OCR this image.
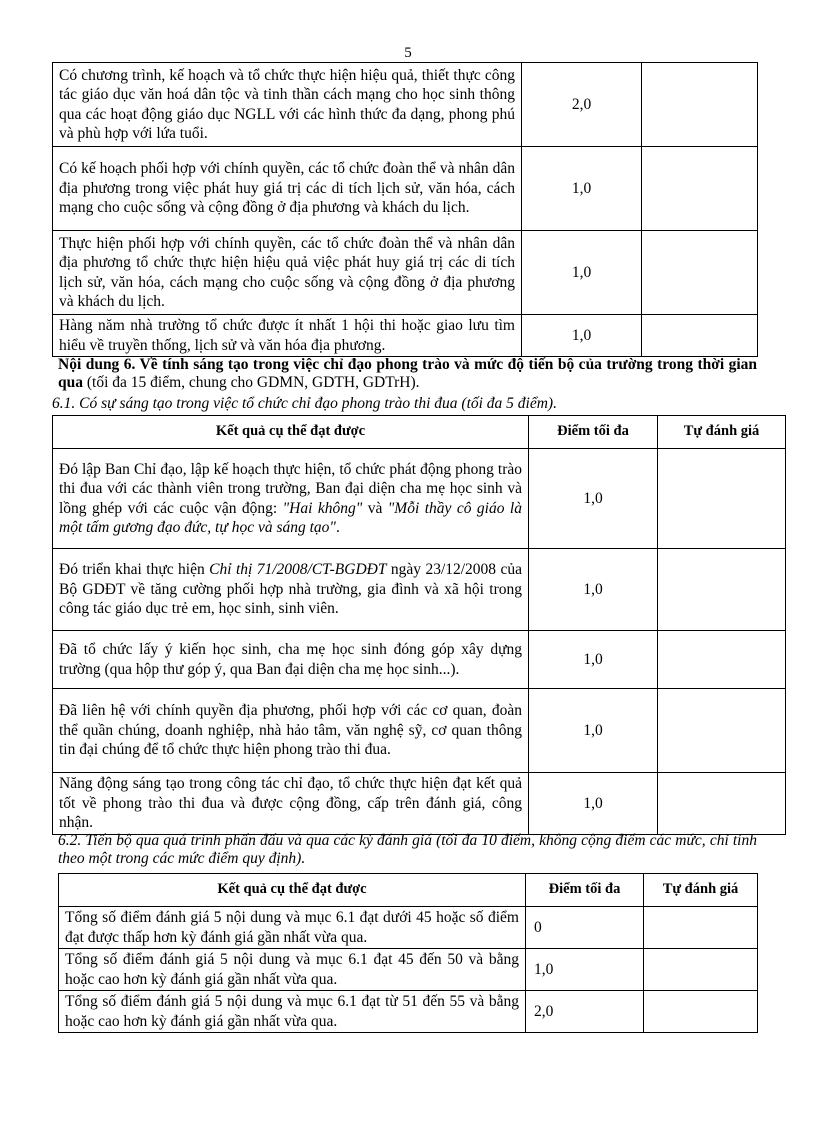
5
Có chương trình, kế hoạch và tổ chức thực hiện hiệu quả, thiết thực công tác giáo dục văn hoá dân tộc và tinh thần cách mạng cho học sinh thông qua các hoạt động giáo dục NGLL với các hình thức đa dạng, phong phú và phù hợp với lứa tuổi.	2,0	
Có kế hoạch phối hợp với chính quyền, các tổ chức đoàn thể và nhân dân địa phương trong việc phát huy giá trị các di tích lịch sử, văn hóa, cách mạng cho cuộc sống và cộng đồng ở địa phương và khách du lịch.	1,0	
Thực hiện phối hợp với chính quyền, các tổ chức đoàn thể và nhân dân địa phương tổ chức thực hiện hiệu quả việc phát huy giá trị các di tích lịch sử, văn hóa, cách mạng cho cuộc sống và cộng đồng ở địa phương và khách du lịch.	1,0	
Hàng năm nhà trường tổ chức được ít nhất 1 hội thi hoặc giao lưu tìm hiểu về truyền thống, lịch sử và văn hóa địa phương.	1,0	
Nội dung 6. Về tính sáng tạo trong việc chỉ đạo phong trào và mức độ tiến bộ của trường trong thời gian qua (tối đa 15 điểm, chung cho GDMN, GDTH, GDTrH).
6.1. Có sự sáng tạo trong việc tổ chức chỉ đạo phong trào thi đua (tối đa 5 điểm).
Kết quả cụ thể đạt được	Điểm tối đa	Tự đánh giá
Đó lập Ban Chỉ đạo, lập kế hoạch thực hiện, tổ chức phát động phong trào thi đua với các thành viên trong trường, Ban đại diện cha mẹ học sinh và lồng ghép với các cuộc vận động: "Hai không" và "Mỗi thầy cô giáo là một tấm gương đạo đức, tự học và sáng tạo".	1,0	
Đó triển khai thực hiện Chỉ thị 71/2008/CT-BGDĐT ngày 23/12/2008 của Bộ GDĐT về tăng cường phối hợp nhà trường, gia đình và xã hội trong công tác giáo dục trẻ em, học sinh, sinh viên.	1,0	
Đã tổ chức lấy ý kiến học sinh, cha mẹ học sinh đóng góp xây dựng trường (qua hộp thư góp ý, qua Ban đại diện cha mẹ học sinh...).	1,0	
Đã liên hệ với chính quyền địa phương, phối hợp với các cơ quan, đoàn thể quần chúng, doanh nghiệp, nhà hảo tâm, văn nghệ sỹ, cơ quan thông tin đại chúng để tổ chức thực hiện phong trào thi đua.	1,0	
Năng động sáng tạo trong công tác chỉ đạo, tổ chức thực hiện đạt kết quả tốt về phong trào thi đua và được cộng đồng, cấp trên đánh giá, công nhận.	1,0	
6.2. Tiến bộ qua quá trình phấn đấu và qua các kỳ đánh giá (tối đa 10 điểm, không cộng điểm các mức, chỉ tính theo một trong các mức điểm quy định).
Kết quả cụ thể đạt được	Điểm tối đa	Tự đánh giá
Tổng số điểm đánh giá 5 nội dung và mục 6.1 đạt dưới 45 hoặc số điểm đạt được thấp hơn kỳ đánh giá gần nhất vừa qua.	0	
Tổng số điểm đánh giá 5 nội dung và mục 6.1 đạt 45 đến 50 và bằng hoặc cao hơn kỳ đánh giá gần nhất vừa qua.	1,0	
Tổng số điểm đánh giá 5 nội dung và mục 6.1 đạt từ 51 đến 55 và bằng hoặc cao hơn kỳ đánh giá gần nhất vừa qua.	2,0	
